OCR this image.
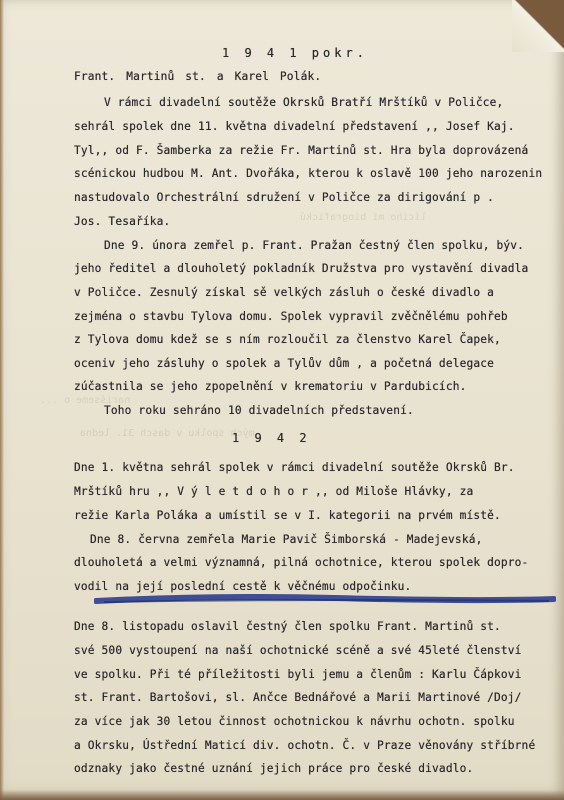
lícího mí biografickú
narišseme o ...
mých spolku v dasch 31. ledna
1 9 4 1 pokr.
Frant. Martinů st. a Karel Polák.
V rámci divadelní soutěže Okrsků Bratří Mrštíků v Poličce,
sehrál spolek dne 11. května divadelní představení ,, Josef Kaj.
Tyl,, od F. Šamberka za režie Fr. Martinů st. Hra byla doprovázená
scénickou hudbou M. Ant. Dvořáka, kterou k oslavě 100 jeho narozenin
nastudovalo Orchestrální sdružení v Poličce za dirigování p .
Jos. Tesaříka.
Dne 9. února zemřel p. Frant. Pražan čestný člen spolku, býv.
jeho ředitel a dlouholetý pokladník Družstva pro vystavění divadla
v Poličce. Zesnulý získal sě velkých zásluh o české divadlo a
zejména o stavbu Tylova domu. Spolek vypravil zvěčnělému pohřeb
z Tylova domu kdež se s ním rozloučil za členstvo Karel Čapek,
oceniv jeho zásluhy o spolek a Tylův dům , a početná delegace
zúčastnila se jeho zpopelnění v krematoriu v Pardubicích.
Toho roku sehráno 10 divadelních představení.
1 9 4 2
Dne 1. května sehrál spolek v rámci divadelní soutěže Okrsků Br.
Mrštíků hru ,, V ý l e t d o h o r ,, od Miloše Hlávky, za
režie Karla Poláka a umístil se v I. kategorii na prvém místě.
Dne 8. června zemřela Marie Pavič Šimborská - Madejevská,
dlouholetá a velmi významná, pilná ochotnice, kterou spolek dopro-
vodil na její poslední cestě k věčnému odpočinku.
Dne 8. listopadu oslavil čestný člen spolku Frant. Martinů st.
své 500 vystoupení na naší ochotnické scéně a své 45leté členství
ve spolku. Při té příležitosti byli jemu a členům : Karlu Čápkovi
st. Frant. Bartošovi, sl. Ančce Bednářové a Marii Martinové /Doj/
za více jak 30 letou činnost ochotnickou k návrhu ochotn. spolku
a Okrsku, Ústřední Maticí div. ochotn. Č. v Praze věnovány stříbrné
odznaky jako čestné uznání jejich práce pro české divadlo.
